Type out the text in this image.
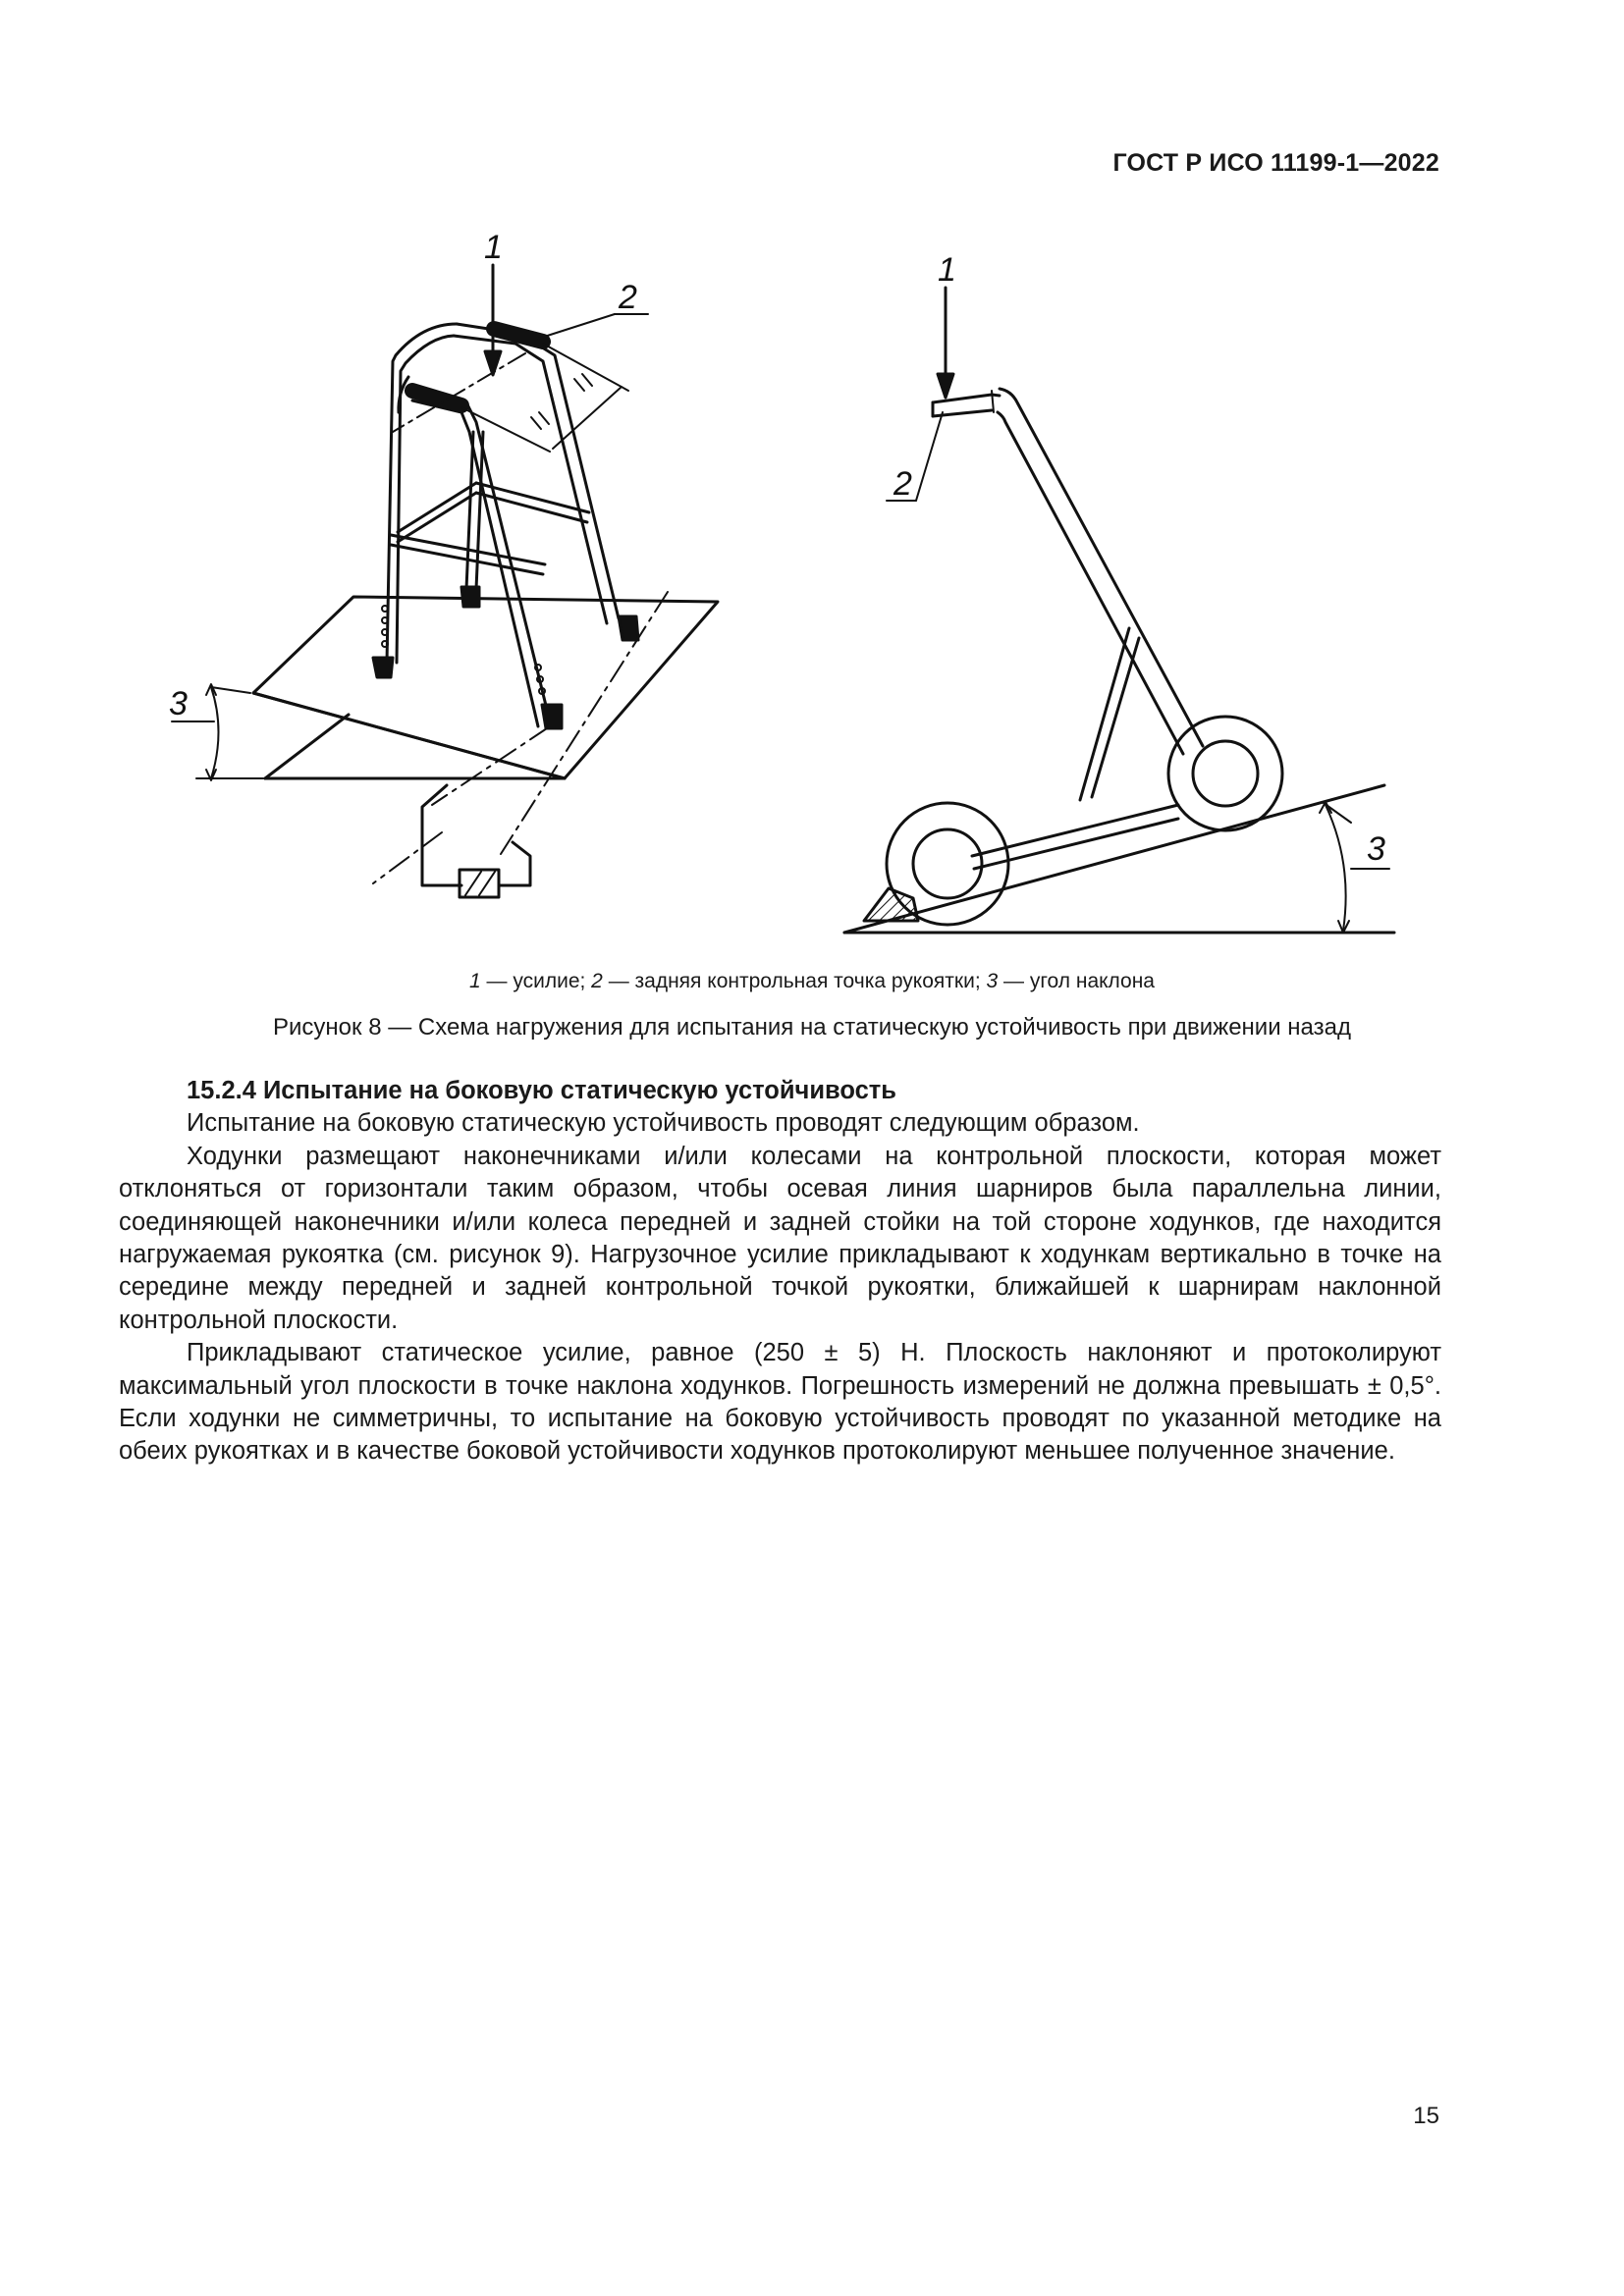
ГОСТ Р ИСО 11199-1—2022
1
2
3
1
2
3
1 — усилие; 2 — задняя контрольная точка рукоятки; 3 — угол наклона
Рисунок 8 — Схема нагружения для испытания на статическую устойчивость при движении назад
15.2.4 Испытание на боковую статическую устойчивость

Испытание на боковую статическую устойчивость проводят следующим образом.

Ходунки размещают наконечниками и/или колесами на контрольной плоскости, которая может отклоняться от горизонтали таким образом, чтобы осевая линия шарниров была параллельна линии, соединяющей наконечники и/или колеса передней и задней стойки на той стороне ходунков, где находится нагружаемая рукоятка (см. рисунок 9). Нагрузочное усилие прикладывают к ходункам вертикально в точке на середине между передней и задней контрольной точкой рукоятки, ближайшей к шарнирам наклонной контрольной плоскости.

Прикладывают статическое усилие, равное (250 ± 5) Н. Плоскость наклоняют и протоколируют максимальный угол плоскости в точке наклона ходунков. Погрешность измерений не должна превышать ± 0,5°. Если ходунки не симметричны, то испытание на боковую устойчивость проводят по указанной методике на обеих рукоятках и в качестве боковой устойчивости ходунков протоколируют меньшее полученное значение.

15
